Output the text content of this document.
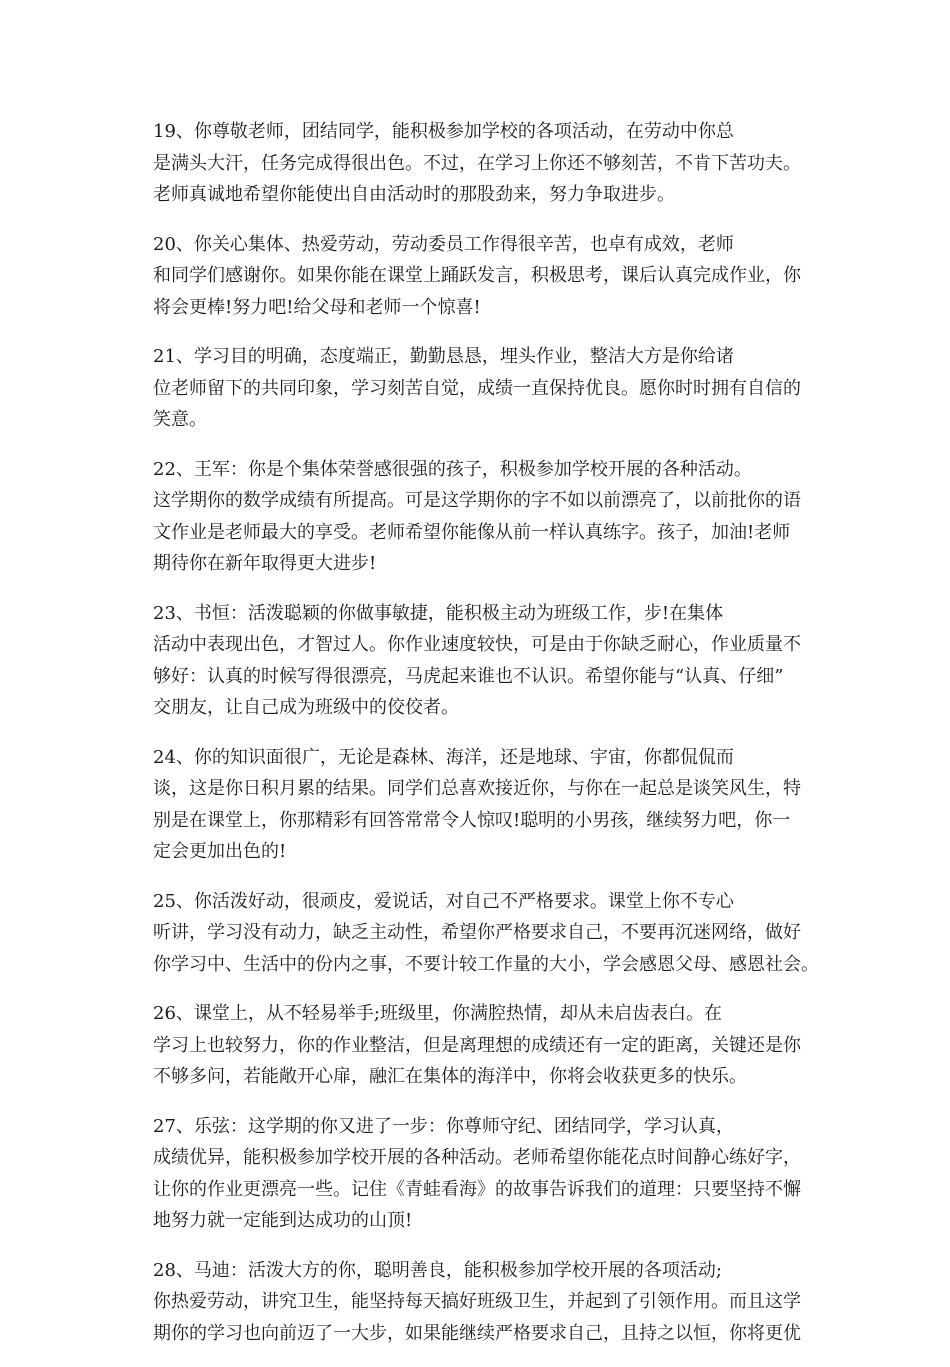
19、你尊敬老师，团结同学，能积极参加学校的各项活动，在劳动中你总
是满头大汗，任务完成得很出色。不过，在学习上你还不够刻苦，不肯下苦功夫。
老师真诚地希望你能使出自由活动时的那股劲来，努力争取进步。

20、你关心集体、热爱劳动，劳动委员工作得很辛苦，也卓有成效，老师
和同学们感谢你。如果你能在课堂上踊跃发言，积极思考，课后认真完成作业，你
将会更棒!努力吧!给父母和老师一个惊喜!

21、学习目的明确，态度端正，勤勤恳恳，埋头作业，整洁大方是你给诸
位老师留下的共同印象，学习刻苦自觉，成绩一直保持优良。愿你时时拥有自信的
笑意。

22、王军：你是个集体荣誉感很强的孩子，积极参加学校开展的各种活动。
这学期你的数学成绩有所提高。可是这学期你的字不如以前漂亮了，以前批你的语
文作业是老师最大的享受。老师希望你能像从前一样认真练字。孩子，加油!老师
期待你在新年取得更大进步!

23、书恒：活泼聪颖的你做事敏捷，能积极主动为班级工作，步!在集体
活动中表现出色，才智过人。你作业速度较快，可是由于你缺乏耐心，作业质量不
够好：认真的时候写得很漂亮，马虎起来谁也不认识。希望你能与“认真、仔细”
交朋友，让自己成为班级中的佼佼者。

24、你的知识面很广，无论是森林、海洋，还是地球、宇宙，你都侃侃而
谈，这是你日积月累的结果。同学们总喜欢接近你，与你在一起总是谈笑风生，特
别是在课堂上，你那精彩有回答常常令人惊叹!聪明的小男孩，继续努力吧，你一
定会更加出色的!

25、你活泼好动，很顽皮，爱说话，对自己不严格要求。课堂上你不专心
听讲，学习没有动力，缺乏主动性，希望你严格要求自己，不要再沉迷网络，做好
你学习中、生活中的份内之事，不要计较工作量的大小，学会感恩父母、感恩社会。

26、课堂上，从不轻易举手;班级里，你满腔热情，却从未启齿表白。在
学习上也较努力，你的作业整洁，但是离理想的成绩还有一定的距离，关键还是你
不够多问，若能敞开心扉，融汇在集体的海洋中，你将会收获更多的快乐。

27、乐弦：这学期的你又进了一步：你尊师守纪、团结同学，学习认真，
成绩优异，能积极参加学校开展的各种活动。老师希望你能花点时间静心练好字，
让你的作业更漂亮一些。记住《青蛙看海》的故事告诉我们的道理：只要坚持不懈
地努力就一定能到达成功的山顶!

28、马迪：活泼大方的你，聪明善良，能积极参加学校开展的各项活动;
你热爱劳动，讲究卫生，能坚持每天搞好班级卫生，并起到了引领作用。而且这学
期你的学习也向前迈了一大步，如果能继续严格要求自己，且持之以恒，你将更优
